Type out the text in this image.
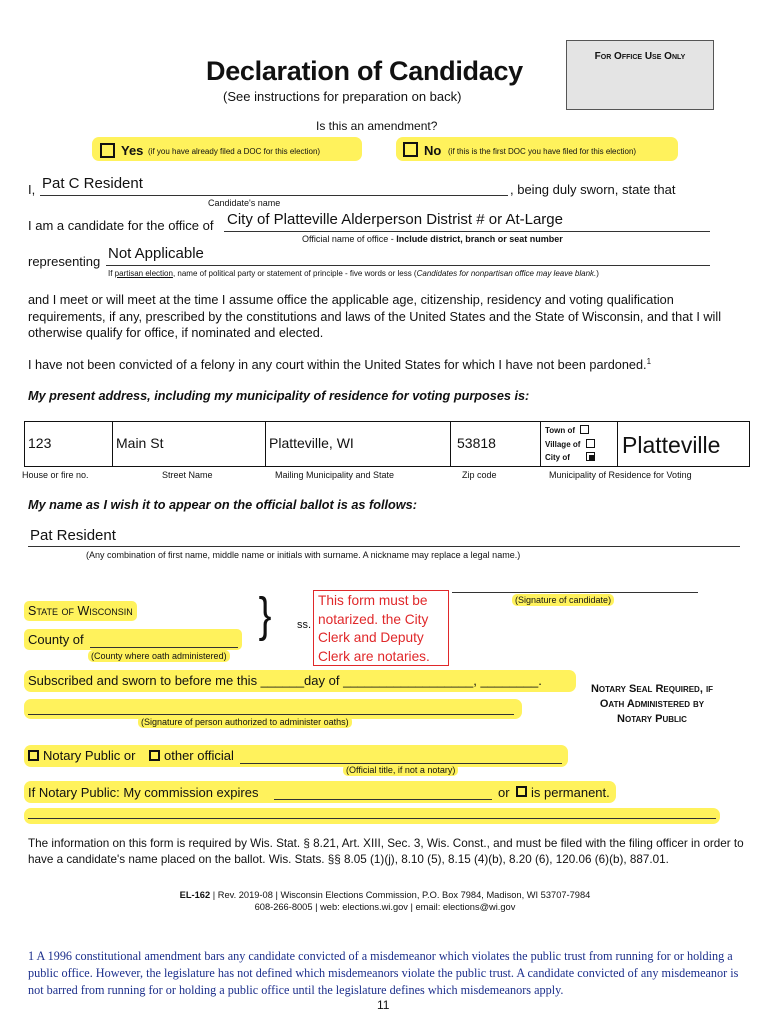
For Office Use Only
Declaration of Candidacy
(See instructions for preparation on back)
Is this an amendment?
Yes (if you have already filed a DOC for this election)	No (if this is the first DOC you have filed for this election)
I, Pat C Resident	, being duly sworn, state that
Candidate's name
I am a candidate for the office of City of Platteville Alderperson Distrist # or At-Large
Official name of office - Include district, branch or seat number
representing Not Applicable
If partisan election, name of political party or statement of principle - five words or less (Candidates for nonpartisan office may leave blank.)
and I meet or will meet at the time I assume office the applicable age, citizenship, residency and voting qualification requirements, if any, prescribed by the constitutions and laws of the United States and the State of Wisconsin, and that I will otherwise qualify for office, if nominated and elected.
I have not been convicted of a felony in any court within the United States for which I have not been pardoned.$^1$
My present address, including my municipality of residence for voting purposes is:
123	Main St	Platteville, WI	53818
Town of
Village of
City of	Platteville
House or fire no.	Street Name	Mailing Municipality and State	Zip code	Municipality of Residence for Voting
My name as I wish it to appear on the official ballot is as follows:
Pat Resident
(Any combination of first name, middle name or initials with surname. A nickname may replace a legal name.)
(Signature of candidate)
State of Wisconsin
County of
(County where oath administered)
} ss.
This form must be notarized. the City Clerk and Deputy Clerk are notaries.
Subscribed and sworn to before me this ______day of __________________, ________.
(Signature of person authorized to administer oaths)
Notary Public or other official
(Official title, if not a notary)
If Notary Public: My commission expires	or is permanent.
Notary Seal Required, if Oath Administered by Notary Public
The information on this form is required by Wis. Stat. § 8.21, Art. XIII, Sec. 3, Wis. Const., and must be filed with the filing officer in order to have a candidate's name placed on the ballot. Wis. Stats. §§ 8.05 (1)(j), 8.10 (5), 8.15 (4)(b), 8.20 (6), 120.06 (6)(b), 887.01.
EL-162 | Rev. 2019-08 | Wisconsin Elections Commission, P.O. Box 7984, Madison, WI 53707-7984
608-266-8005 | web: elections.wi.gov | email: elections@wi.gov
1 A 1996 constitutional amendment bars any candidate convicted of a misdemeanor which violates the public trust from running for or holding a public office. However, the legislature has not defined which misdemeanors violate the public trust. A candidate convicted of any misdemeanor is not barred from running for or holding a public office until the legislature defines which misdemeanors apply.
11
